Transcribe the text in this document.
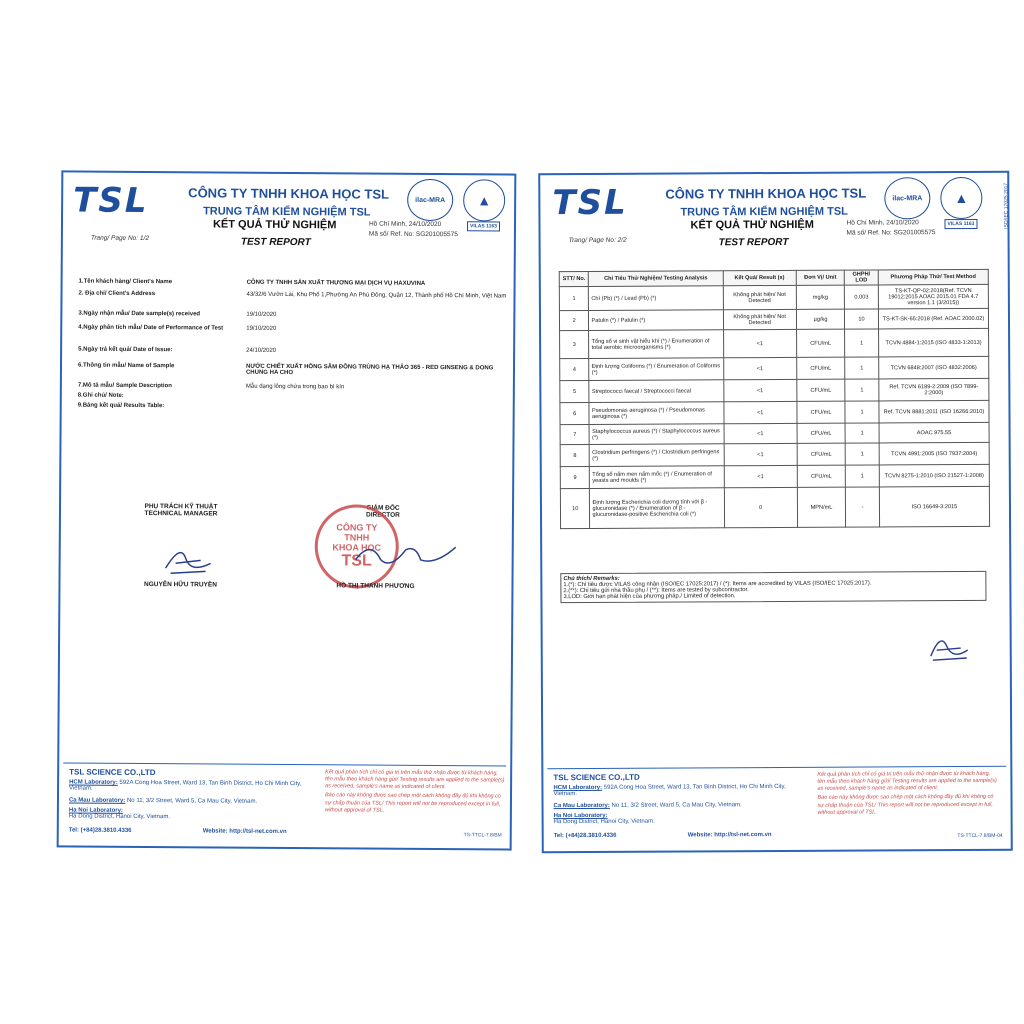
TSL	CÔNG TY TNHH KHOA HỌC TSL
TRUNG TÂM KIỂM NGHIỆM TSL
KẾT QUẢ THỬ NGHIỆM
TEST REPORT
Trang/ Page No: 1/2
Hồ Chí Minh, 24/10/2020
Mã số/ Ref. No: SG201005575
ilac-MRA	▲
VILAS 1163
1.Tên khách hàng/ Client's Name	CÔNG TY TNHH SẢN XUẤT THƯƠNG MẠI DỊCH VỤ HAXUVINA
2. Địa chỉ/ Client's Address	43/32/6 Vườn Lài, Khu Phố 1,Phường An Phú Đông, Quận 12, Thành phố Hồ Chí Minh, Việt Nam
3.Ngày nhận mẫu/ Date sample(s) received	19/10/2020
4.Ngày phân tích mẫu/ Date of Performance of Test	19/10/2020
5.Ngày trả kết quả/ Date of Issue:	24/10/2020
6.Thông tin mẫu/ Name of Sample	NƯỚC CHIẾT XUẤT HỒNG SÂM ĐÔNG TRÙNG HẠ THẢO 365 - RED GINSENG & DONG CHUNG HA CHO
7.Mô tả mẫu/ Sample Description	Mẫu dạng lỏng chứa trong bao bì kín
8.Ghi chú/ Note:
9.Bảng kết quả/ Results Table:
PHỤ TRÁCH KỸ THUẬT
TECHNICAL MANAGER
NGUYỄN HỮU TRUYỀN
GIÁM ĐỐC
DIRECTOR
CÔNG TY
TNHH
KHOA HỌC
TSL
HỒ THỊ THANH PHƯƠNG
TSL SCIENCE CO.,LTD
HCM Laboratory: 592A Cong Hoa Street, Ward 13, Tan Binh District, Ho Chi Minh City, Vietnam.
Ca Mau Laboratory: No 11, 3/2 Street, Ward 5, Ca Mau City, Vietnam.
Ha Noi Laboratory:
Ha Dong District, Hanoi City, Vietnam.
Kết quả phân tích chỉ có giá trị trên mẫu thử nhận được từ khách hàng, tên mẫu theo khách hàng gửi/ Testing results are applied to the sample(s) as received, sample's name as indicated of client.
Báo cáo này không được sao chép một cách không đầy đủ khi không có sự chấp thuận của TSL/ This report will not be reproduced except in full, without approval of TSL.
Tel: (+84)28.3810.4336	Website: http://tsl-net.com.vn
TS-TTCL-7.8/BM
TSL	CÔNG TY TNHH KHOA HỌC TSL
TRUNG TÂM KIỂM NGHIỆM TSL
KẾT QUẢ THỬ NGHIỆM
TEST REPORT
Trang/ Page No: 2/2
Hồ Chí Minh, 24/10/2020
Mã số/ Ref. No: SG201005575
ilac-MRA	▲
VILAS 1163	ISO/IEC 17025:2017
STT/ No.	Chỉ Tiêu Thử Nghiệm/ Testing Analysis	Kết Quả/ Result (s)	Đơn Vị/ Unit	GHPH/ LOD	Phương Pháp Thử/ Test Method
1	Chì (Pb) (*) / Lead (Pb) (*)	Không phát hiện/ Not Detected	mg/kg	0.003	TS-KT-QP-02:2018(Ref. TCVN 19012:2015 AOAC 2015.01 FDA 4.7 version 1.1 (3/2015))
2	Patulin (*) / Patulin (*)	Không phát hiện/ Not Detected	µg/kg	10	TS-KT-SK-65:2018 (Ref. AOAC 2000.02)
3	Tổng số vi sinh vật hiếu khí (*) / Enumeration of total aerobic microorganisms (*)	<1	CFU/mL	1	TCVN 4884-1:2015 (ISO 4833-1:2013)
4	Định lượng Coliforms (*) / Enumeration of Coliforms (*)	<1	CFU/mL	1	TCVN 6848:2007 (ISO 4832:2006)
5	Streptococci faecal / Streptococci faecal	<1	CFU/mL	1	Ref. TCVN 6189-2:2009 (ISO 7899-2:2000)
6	Pseudomonas aeruginosa (*) / Pseudomonas aeruginosa (*)	<1	CFU/mL	1	Ref. TCVN 8881:2011 (ISO 16266:2010)
7	Staphylococcus aureus (*) / Staphylococcus aureus (*)	<1	CFU/mL	1	AOAC 975.55
8	Clostridium perfringens (*) / Clostridium perfringens (*)	<1	CFU/mL	1	TCVN 4991:2005 (ISO 7937:2004)
9	Tổng số nấm men nấm mốc (*) / Enumeration of yeasts and moulds (*)	<1	CFU/mL	1	TCVN 8275-1:2010 (ISO 21527-1:2008)
10	Định lượng Escherichia coli dương tính với β - glucuronidase (*) / Enumeration of β - glucuronidase-positive Escherichia coli (*)	0	MPN/mL	-	ISO 16649-3:2015
Chú thích/ Remarks:
1.(*): Chỉ tiêu được VILAS công nhận (ISO/IEC 17025:2017) / (*): Items are accredited by VILAS (ISO/IEC 17025:2017).
2.(**): Chỉ tiêu gửi nhà thầu phụ / (**): Items are tested by subcontractor.
3.LOD: Giới hạn phát hiện của phương pháp./ Limited of detection.
TSL SCIENCE CO.,LTD
HCM Laboratory: 592A Cong Hoa Street, Ward 13, Tan Binh District, Ho Chi Minh City, Vietnam.
Ca Mau Laboratory: No 11, 3/2 Street, Ward 5, Ca Mau City, Vietnam.
Ha Noi Laboratory:
Ha Dong District, Hanoi City, Vietnam.
Kết quả phân tích chỉ có giá trị trên mẫu thử nhận được từ khách hàng, tên mẫu theo khách hàng gửi/ Testing results are applied to the sample(s) as received, sample's name as indicated of client.
Báo cáo này không được sao chép một cách không đầy đủ khi không có sự chấp thuận của TSL/ This report will not be reproduced except in full, without approval of TSL.
Tel: (+84)28.3810.4336	Website: http://tsl-net.com.vn	TS-TTCL-7.8/BM-04
